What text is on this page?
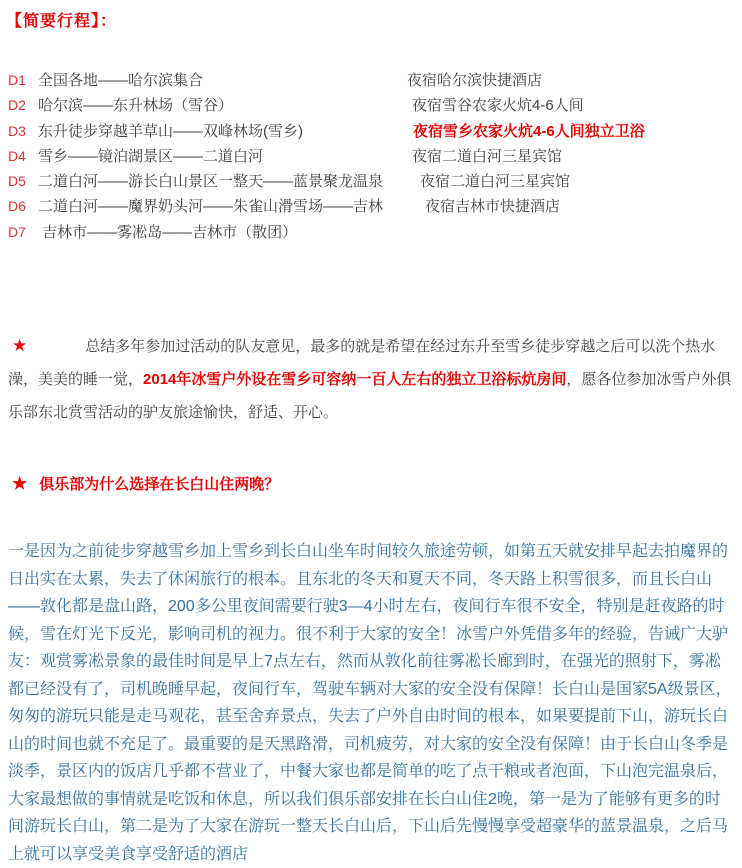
【简要行程】：
D1 全国各地——哈尔滨集合	夜宿哈尔滨快捷酒店
D2 哈尔滨——东升林场（雪谷）	夜宿雪谷农家火炕4-6人间
D3 东升徒步穿越羊草山——双峰林场(雪乡)	夜宿雪乡农家火炕4-6人间独立卫浴
D4 雪乡——镜泊湖景区——二道白河	夜宿二道白河三星宾馆
D5 二道白河——游长白山景区一整天——蓝景聚龙温泉 夜宿二道白河三星宾馆
D6 二道白河——魔界奶头河——朱雀山滑雪场——吉林	夜宿吉林市快捷酒店
D7 吉林市——雾凇岛——吉林市（散团）

★	总结多年参加过活动的队友意见，最多的就是希望在经过东升至雪乡徒步穿越之后可以洗个热水澡，美美的睡一觉，2014年冰雪户外设在雪乡可容纳一百人左右的独立卫浴标炕房间，愿各位参加冰雪户外俱乐部东北赏雪活动的驴友旅途愉快，舒适、开心。

★ 俱乐部为什么选择在长白山住两晚？

一是因为之前徒步穿越雪乡加上雪乡到长白山坐车时间较久旅途劳顿，如第五天就安排早起去拍魔界的日出实在太累，失去了休闲旅行的根本。且东北的冬天和夏天不同，冬天路上积雪很多，而且长白山——敦化都是盘山路，200多公里夜间需要行驶3—4小时左右，夜间行车很不安全，特别是赶夜路的时候，雪在灯光下反光，影响司机的视力。很不利于大家的安全！冰雪户外凭借多年的经验，告诫广大驴友：观赏雾凇景象的最佳时间是早上7点左右，然而从敦化前往雾凇长廊到时，在强光的照射下，雾凇都已经没有了，司机晚睡早起，夜间行车，驾驶车辆对大家的安全没有保障！长白山是国家5A级景区，匆匆的游玩只能是走马观花，甚至舍弃景点，失去了户外自由时间的根本，如果要提前下山，游玩长白山的时间也就不充足了。最重要的是天黑路滑，司机疲劳，对大家的安全没有保障！由于长白山冬季是淡季，景区内的饭店几乎都不营业了，中餐大家也都是简单的吃了点干粮或者泡面，下山泡完温泉后，大家最想做的事情就是吃饭和休息，所以我们俱乐部安排在长白山住2晚，第一是为了能够有更多的时间游玩长白山，第二是为了大家在游玩一整天长白山后，下山后先慢慢享受超豪华的蓝景温泉，之后马上就可以享受美食享受舒适的酒店
